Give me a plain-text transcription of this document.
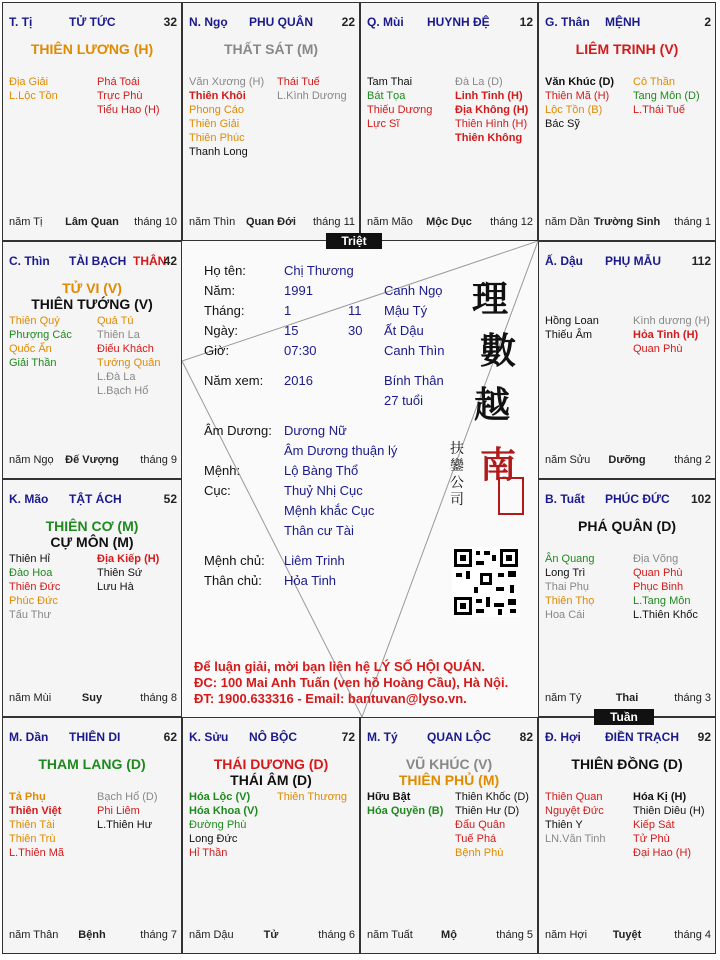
T. Tị	TỬ TỨC	32
THIÊN LƯƠNG (H)
Địa Giải
L.Lộc Tồn
Phá Toái
Trực Phù
Tiểu Hao (H)
năm Tị	Lâm Quan	tháng 10
N. Ngọ PHU QUÂN 22
THẤT SÁT (M)
Văn Xương (H)
Thiên Khôi
Phong Cáo
Thiên Giải
Thiên Phúc
Thanh Long
Thái Tuế
L.Kình Dương
năm Thìn Quan Đới	tháng 11
Q. Mùi HUYNH ĐỆ 12
Tam Thai
Bát Tọa
Thiếu Dương
Lực Sĩ
Đà La (D)
Linh Tinh (H)
Địa Không (H)
Thiên Hình (H)
Thiên Không
năm Mão	Mộc Dục	tháng 12
G. Thân MỆNH	2
LIÊM TRINH (V)
Văn Khúc (D)
Thiên Mã (H)
Lộc Tồn (B)
Bác Sỹ
Cô Thần
Tang Môn (D)
L.Thái Tuế
năm Dần Trường Sinh	tháng 1
C. Thìn TÀI BẠCH THÂN
42
TỬ VI (V)
THIÊN TƯỚNG (V)
Thiên Quý
Phượng Các
Quốc Ấn
Giải Thần
Quả Tú
Thiên La
Điếu Khách
Tướng Quân
L.Đà La
L.Bạch Hổ
năm Ngọ	Đế Vượng	tháng 9
Ấ. Dậu PHỤ MẪU	112
Hồng Loan
Thiếu Âm
Kình dương (H)
Hỏa Tinh (H)
Quan Phù
năm Sửu	Dưỡng	tháng 2
K. Mão TẬT ÁCH	52
THIÊN CƠ (M)
CỰ MÔN (M)
Thiên Hỉ
Đào Hoa
Thiên Đức
Phúc Đức
Tấu Thư
Địa Kiếp (H)
Thiên Sứ
Lưu Hà
năm Mùi	Suy	tháng 8
B. Tuất PHÚC ĐỨC 102
PHÁ QUÂN (D)
Ân Quang
Long Trì
Thai Phụ
Thiên Thọ
Hoa Cái
Địa Võng
Quan Phù
Phục Binh
L.Tang Môn
L.Thiên Khốc
năm Tý	Thai	tháng 3
M. Dần THIÊN DI	62
THAM LANG (D)
Tả Phụ
Thiên Việt
Thiên Tài
Thiên Trù
L.Thiên Mã
Bạch Hổ (D)
Phi Liêm
L.Thiên Hư
năm Thân	Bệnh	tháng 7
K. Sửu NÔ BỘC	72
THÁI DƯƠNG (D)
THÁI ÂM (D)
Hóa Lộc (V)
Hóa Khoa (V)
Đường Phù
Long Đức
Hỉ Thần
Thiên Thương
năm Dậu	Tử	tháng 6
M. Tý QUAN LỘC 82
VŨ KHÚC (V)
THIÊN PHỦ (M)
Hữu Bật
Hóa Quyền (B)
Thiên Khốc (D)
Thiên Hư (D)
Đẩu Quân
Tuế Phá
Bệnh Phù
năm Tuất	Mộ	tháng 5
Đ. Hợi ĐIỀN TRẠCH 92
THIÊN ĐỒNG (D)
Thiên Quan
Nguyệt Đức
Thiên Y
LN.Văn Tinh
Hóa Kị (H)
Thiên Diêu (H)
Kiếp Sát
Tử Phù
Đại Hao (H)
năm Hợi	Tuyệt	tháng 4
Họ tên:	Chị Thương
Năm:	1991	Canh Ngọ
Tháng:	1	11 Mậu Tý
Ngày:	15	30 Ất Dậu
Giờ:	07:30	Canh Thìn
Năm xem: 2016	Bính Thân
27 tuổi
Âm Dương: Dương Nữ
Âm Dương thuận lý
Mệnh:	Lộ Bàng Thổ
Cục:	Thuỷ Nhị Cục
Mệnh khắc Cục
Thân cư Tài
Mệnh chủ: Liêm Trinh
Thân chủ: Hỏa Tinh
理
數
越
南
扶鑾公司
Để luận giải, mời bạn liên hệ LÝ SỐ HỘI QUÁN.
ĐC: 100 Mai Anh Tuấn (ven hồ Hoàng Cầu), Hà Nội.
ĐT: 1900.633316 - Email: bantuvan@lyso.vn.
Triệt
Tuần
